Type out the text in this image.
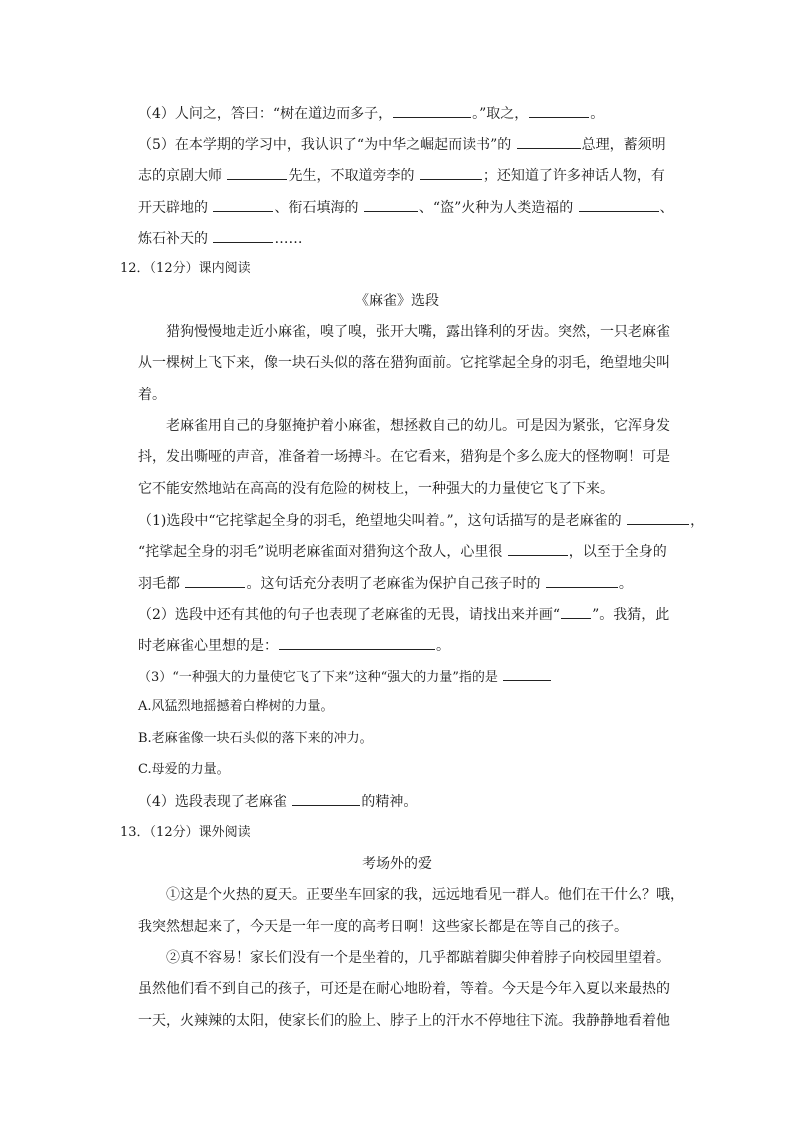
（4）人问之，答曰：“树在道边而多子，	。”取之，	。
（5）在本学期的学习中，我认识了“为中华之崛起而读书”的	总理，蓄须明
志的京剧大师	先生，不取道旁李的	；还知道了许多神话人物，有
开天辟地的	、衔石填海的	、“盗”火种为人类造福的	、
炼石补天的	……
12．（12分）课内阅读
《麻雀》选段
猎狗慢慢地走近小麻雀，嗅了嗅，张开大嘴，露出锋利的牙齿。突然，一只老麻雀
从一棵树上飞下来，像一块石头似的落在猎狗面前。它挓挲起全身的羽毛，绝望地尖叫
着。
老麻雀用自己的身躯掩护着小麻雀，想拯救自己的幼儿。可是因为紧张，它浑身发
抖，发出嘶哑的声音，准备着一场搏斗。在它看来，猎狗是个多么庞大的怪物啊！可是
它不能安然地站在高高的没有危险的树枝上，一种强大的力量使它飞了下来。
（1)选段中“它挓挲起全身的羽毛，绝望地尖叫着。”，这句话描写的是老麻雀的	，
“挓挲起全身的羽毛”说明老麻雀面对猎狗这个敌人，心里很	，以至于全身的
羽毛都	。这句话充分表明了老麻雀为保护自己孩子时的	。
（2）选段中还有其他的句子也表现了老麻雀的无畏，请找出来并画“ ”。我猜，此
时老麻雀心里想的是：	。
（3）“一种强大的力量使它飞了下来”这种“强大的力量”指的是
A.风猛烈地摇撼着白桦树的力量。
B.老麻雀像一块石头似的落下来的冲力。
C.母爱的力量。
（4）选段表现了老麻雀	的精神。
13．（12分）课外阅读
考场外的爱
①这是个火热的夏天。正要坐车回家的我，远远地看见一群人。他们在干什么？哦，
我突然想起来了，今天是一年一度的高考日啊！这些家长都是在等自己的孩子。
②真不容易！家长们没有一个是坐着的，几乎都踮着脚尖伸着脖子向校园里望着。
虽然他们看不到自己的孩子，可还是在耐心地盼着，等着。今天是今年入夏以来最热的
一天，火辣辣的太阳，使家长们的脸上、脖子上的汗水不停地往下流。我静静地看着他
